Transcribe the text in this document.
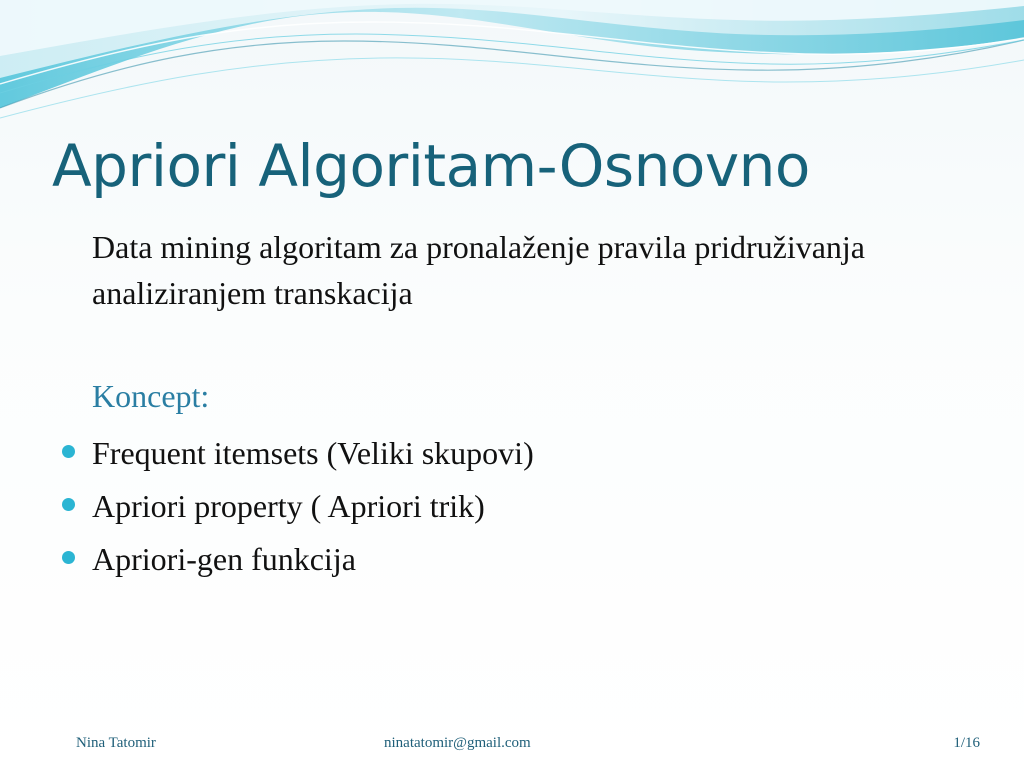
Apriori Algoritam-Osnovno

Data mining algoritam za pronalaženje pravila pridruživanja analiziranjem transkacija

Koncept:

Frequent itemsets (Veliki skupovi)
Apriori property ( Apriori trik)
Apriori-gen funkcija
Nina Tatomir	ninatatomir@gmail.com	1/16
